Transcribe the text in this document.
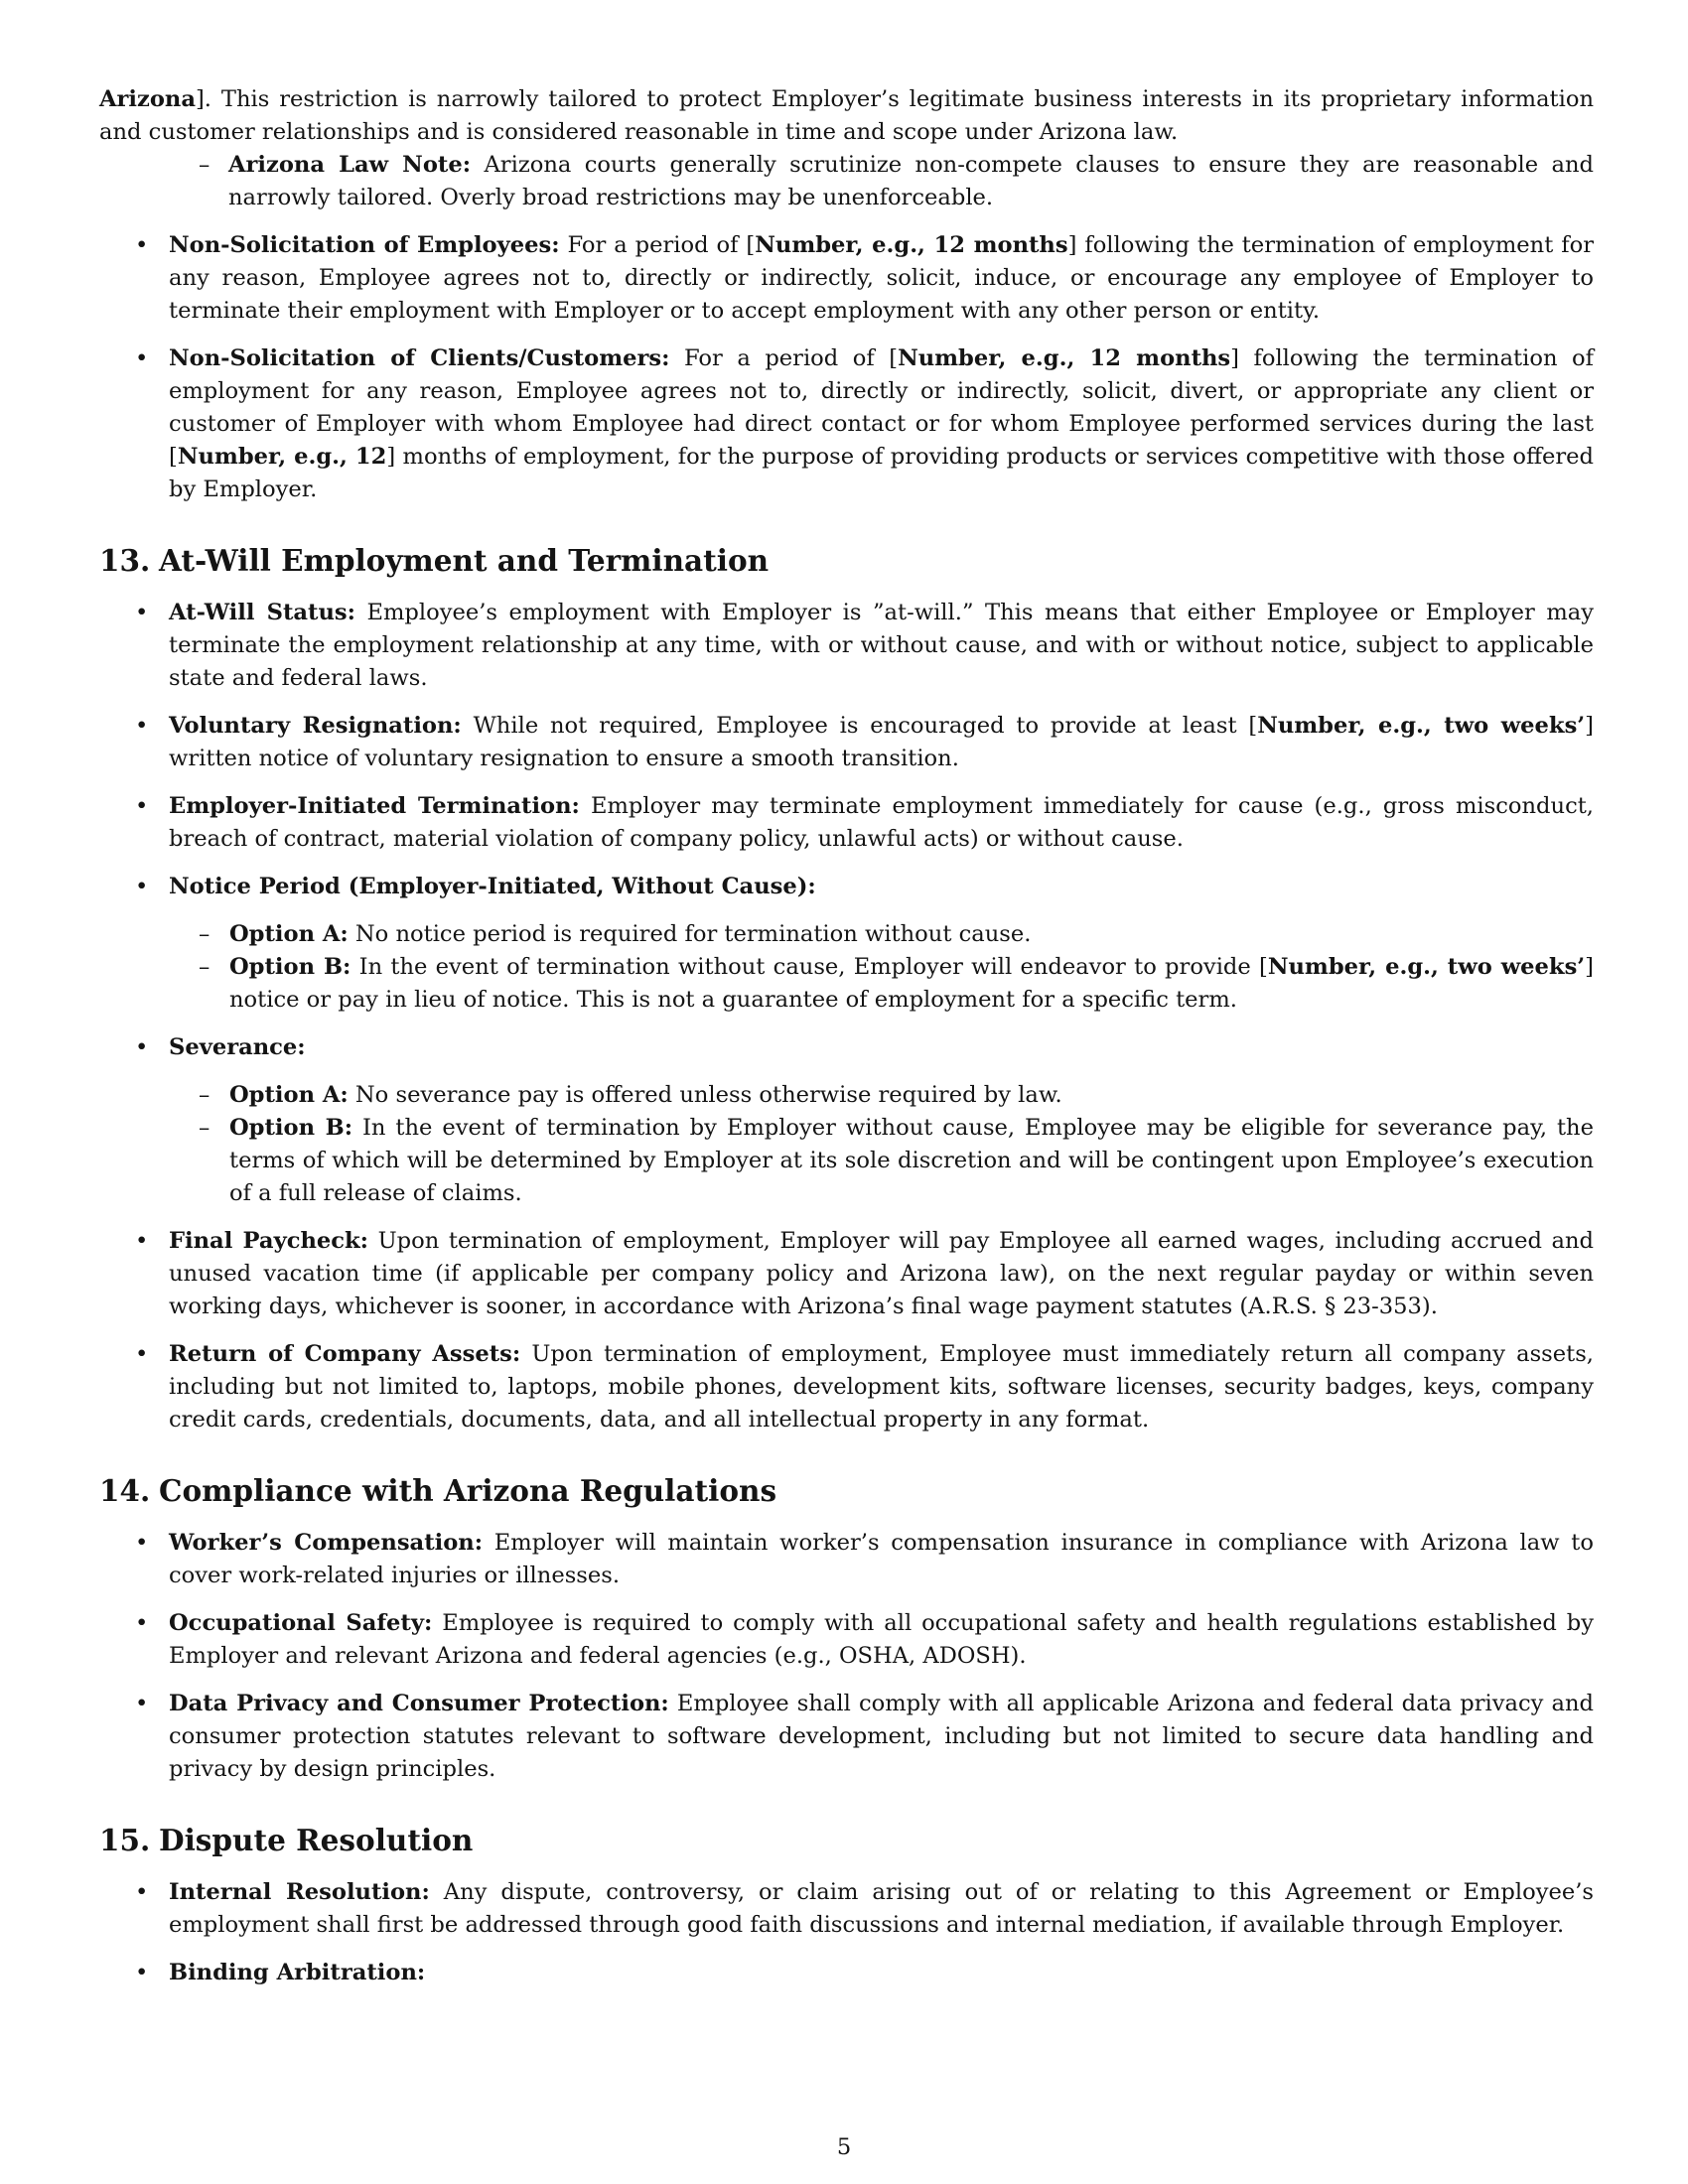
Arizona]. This restriction is narrowly tailored to protect Employer’s legitimate business interests in its proprietary information and customer relationships and is considered reasonable in time and scope under Arizona law.

– Arizona Law Note: Arizona courts generally scrutinize non-compete clauses to ensure they are reasonable and narrowly tailored. Overly broad restrictions may be unenforceable.
• Non-Solicitation of Employees: For a period of [Number, e.g., 12 months] following the termination of employment for any reason, Employee agrees not to, directly or indirectly, solicit, induce, or encourage any employee of Employer to terminate their employment with Employer or to accept employment with any other person or entity.
• Non-Solicitation of Clients/Customers: For a period of [Number, e.g., 12 months] following the termination of employment for any reason, Employee agrees not to, directly or indirectly, solicit, divert, or appropriate any client or customer of Employer with whom Employee had direct contact or for whom Employee performed services during the last [Number, e.g., 12] months of employment, for the purpose of providing products or services competitive with those offered by Employer.
13. At-Will Employment and Termination
• At-Will Status: Employee’s employment with Employer is ”at-will.” This means that either Employee or Employer may terminate the employment relationship at any time, with or without cause, and with or without notice, subject to applicable state and federal laws.
• Voluntary Resignation: While not required, Employee is encouraged to provide at least [Number, e.g., two weeks’] written notice of voluntary resignation to ensure a smooth transition.
• Employer-Initiated Termination: Employer may terminate employment immediately for cause (e.g., gross misconduct, breach of contract, material violation of company policy, unlawful acts) or without cause.
• Notice Period (Employer-Initiated, Without Cause):
– Option A: No notice period is required for termination without cause.
– Option B: In the event of termination without cause, Employer will endeavor to provide [Number, e.g., two weeks’] notice or pay in lieu of notice. This is not a guarantee of employment for a specific term.
• Severance:
– Option A: No severance pay is offered unless otherwise required by law.
– Option B: In the event of termination by Employer without cause, Employee may be eligible for severance pay, the terms of which will be determined by Employer at its sole discretion and will be contingent upon Employee’s execution of a full release of claims.
• Final Paycheck: Upon termination of employment, Employer will pay Employee all earned wages, including accrued and unused vacation time (if applicable per company policy and Arizona law), on the next regular payday or within seven working days, whichever is sooner, in accordance with Arizona’s final wage payment statutes (A.R.S. § 23-353).
• Return of Company Assets: Upon termination of employment, Employee must immediately return all company assets, including but not limited to, laptops, mobile phones, development kits, software licenses, security badges, keys, company credit cards, credentials, documents, data, and all intellectual property in any format.
14. Compliance with Arizona Regulations
• Worker’s Compensation: Employer will maintain worker’s compensation insurance in compliance with Arizona law to cover work-related injuries or illnesses.
• Occupational Safety: Employee is required to comply with all occupational safety and health regulations established by Employer and relevant Arizona and federal agencies (e.g., OSHA, ADOSH).
• Data Privacy and Consumer Protection: Employee shall comply with all applicable Arizona and federal data privacy and consumer protection statutes relevant to software development, including but not limited to secure data handling and privacy by design principles.
15. Dispute Resolution
• Internal Resolution: Any dispute, controversy, or claim arising out of or relating to this Agreement or Employee’s employment shall first be addressed through good faith discussions and internal mediation, if available through Employer.
• Binding Arbitration:
5
